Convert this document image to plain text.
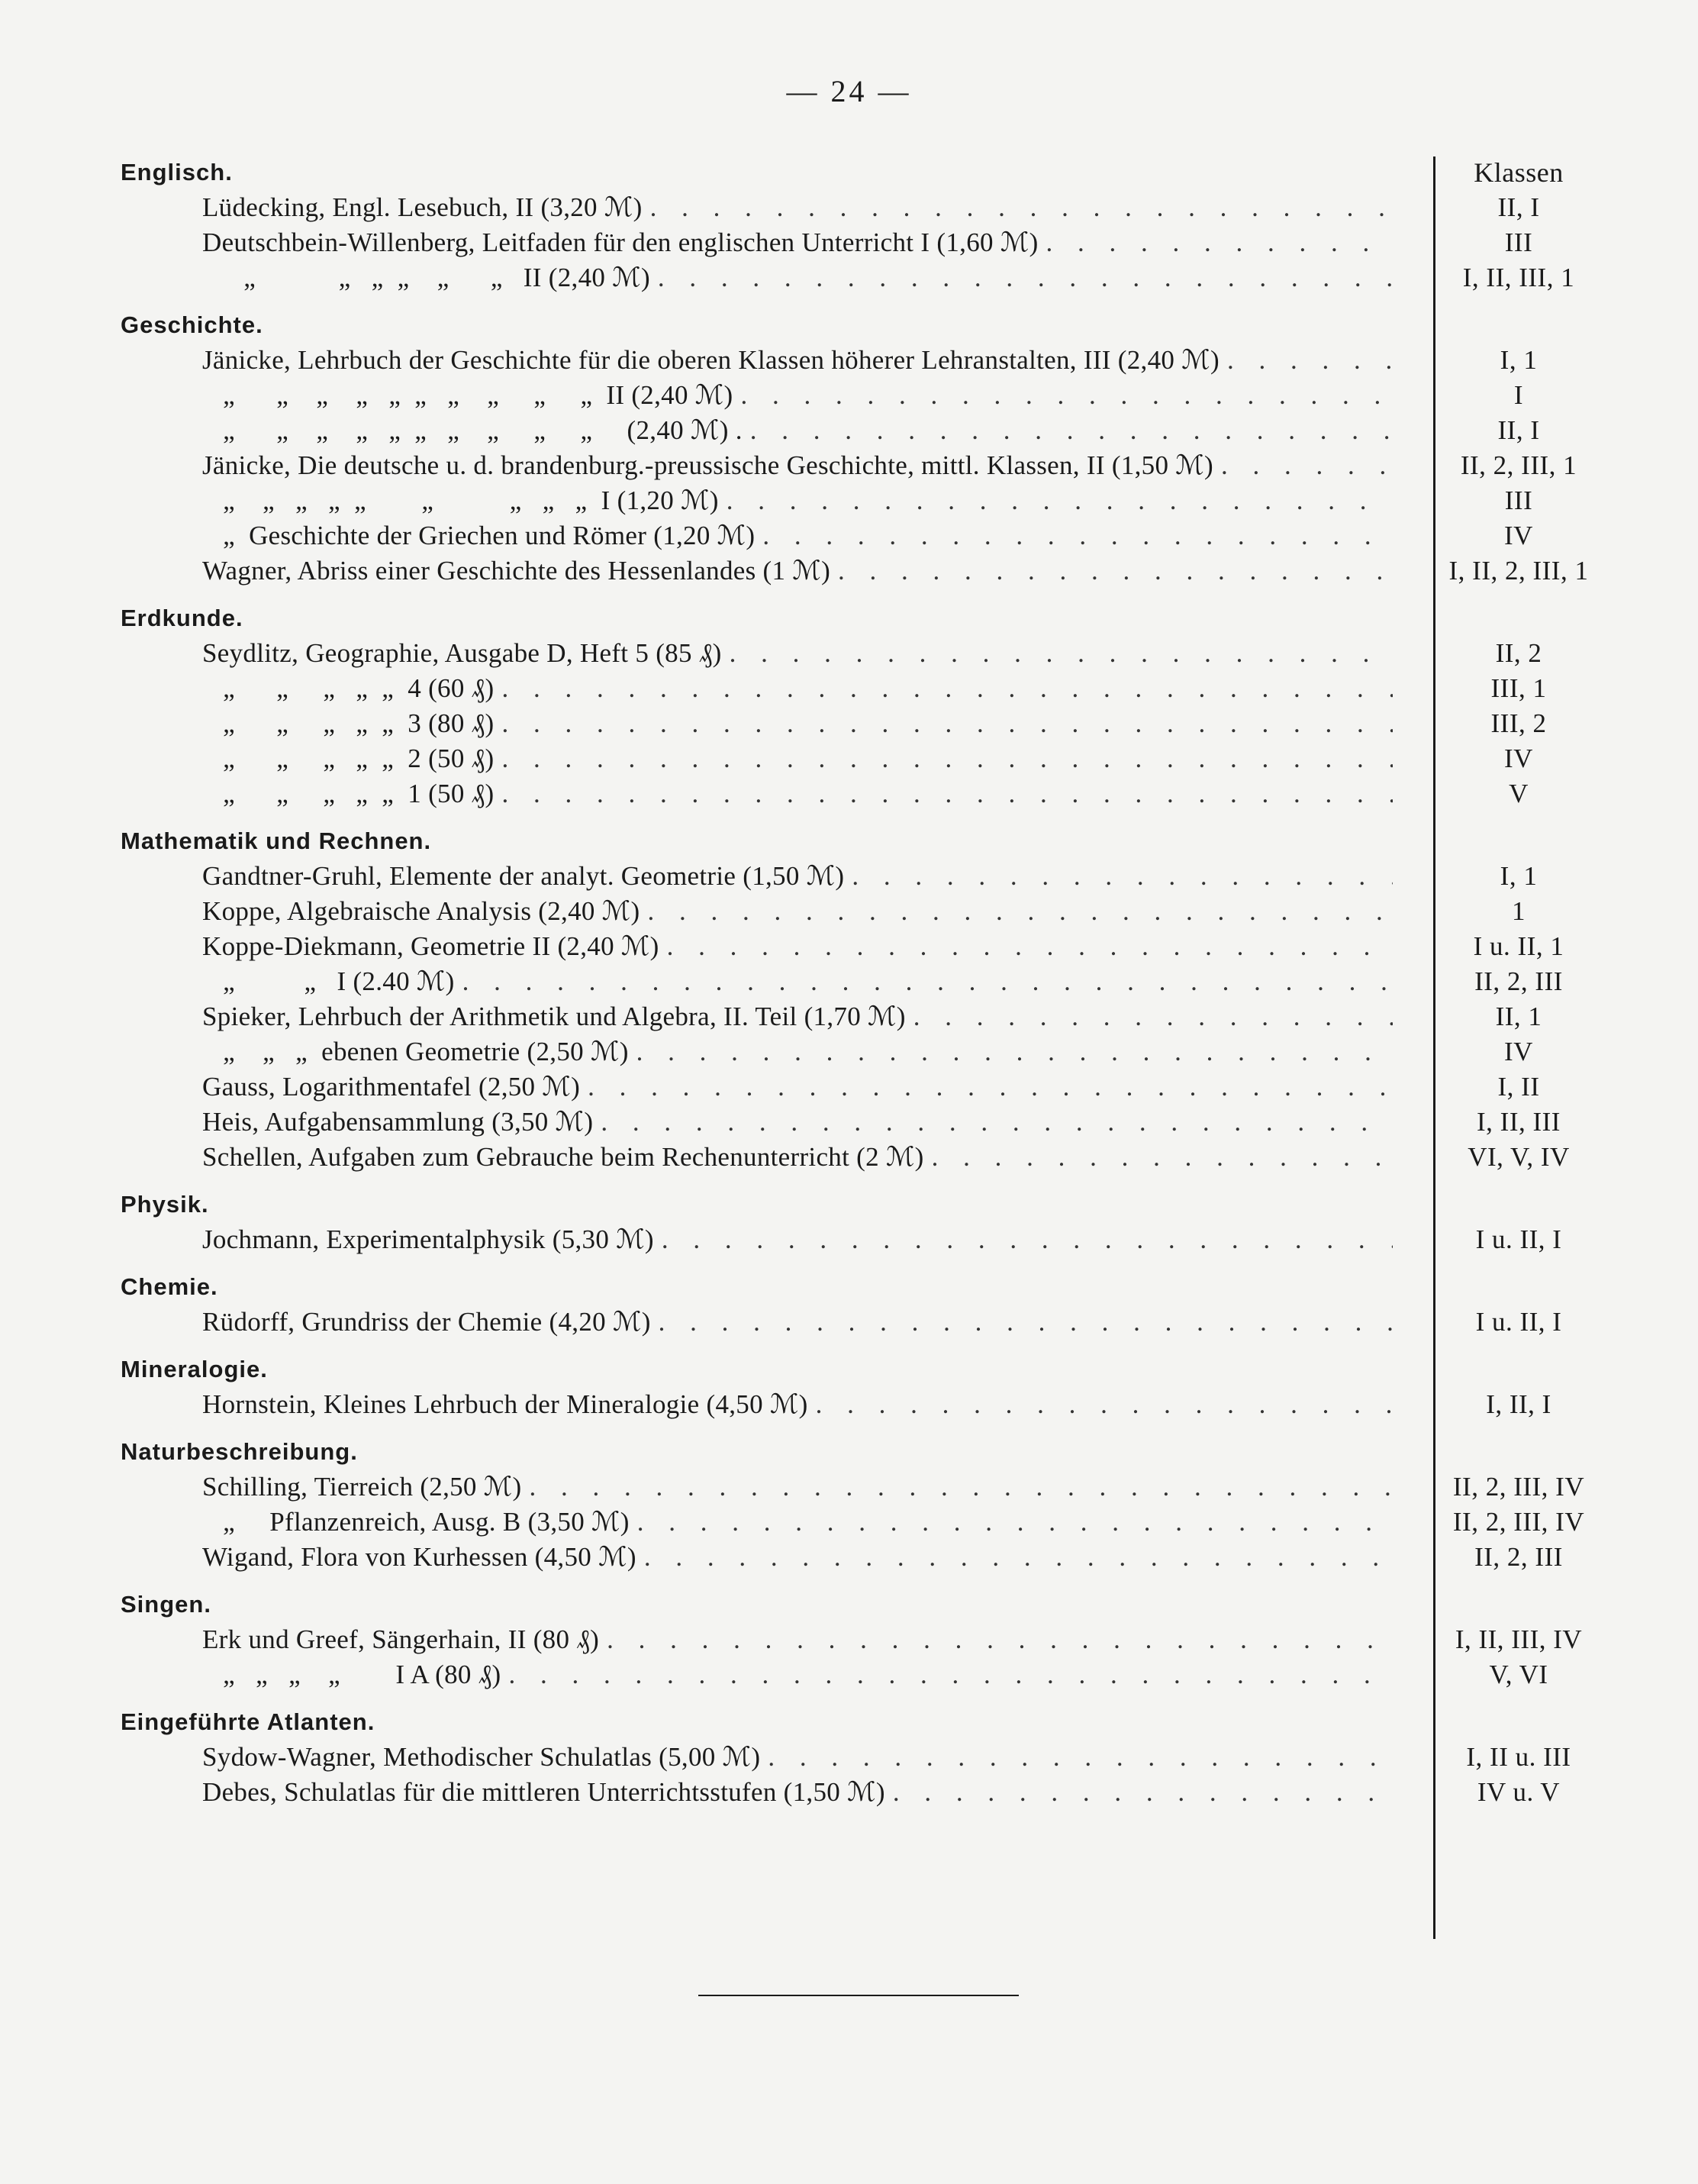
— 24 —
Englisch.	Klassen
Lüdecking, Engl. Lesebuch, II (3,20 ℳ) . . .	II, I
Deutschbein-Willenberg, Leitfaden für den englischen Unterricht I (1,60 ℳ) . . .	III
„            „   „  „    „      „   II (2,40 ℳ) . . .	I, II, III, 1
Geschichte.
Jänicke, Lehrbuch der Geschichte für die oberen Klassen höherer Lehranstalten, III (2,40 ℳ) . . .	I, 1
„      „    „    „   „  „   „    „     „     „  II (2,40 ℳ) . . .	I
„      „    „    „   „  „   „    „     „     „     (2,40 ℳ) . . . .	II, I
Jänicke, Die deutsche u. d. brandenburg.-preussische Geschichte, mittl. Klassen, II (1,50 ℳ) . . .	II, 2, III, 1
„    „   „   „  „        „           „   „   „  I (1,20 ℳ) . . .	III
„  Geschichte der Griechen und Römer (1,20 ℳ) . . .	IV
Wagner, Abriss einer Geschichte des Hessenlandes (1 ℳ) . . .	I, II, 2, III, 1
Erdkunde.
Seydlitz, Geographie, Ausgabe D, Heft 5 (85 ₰) . . .	II, 2
„      „     „   „  „  4 (60 ₰) . . .	III, 1
„      „     „   „  „  3 (80 ₰) . . .	III, 2
„      „     „   „  „  2 (50 ₰) . . .	IV
„      „     „   „  „  1 (50 ₰) . . .	V
Mathematik und Rechnen.
Gandtner-Gruhl, Elemente der analyt. Geometrie (1,50 ℳ) . . .	I, 1
Koppe, Algebraische Analysis (2,40 ℳ) . . .	1
Koppe-Diekmann, Geometrie II (2,40 ℳ) . . .	I u. II, 1
„          „   I (2.40 ℳ) . . .	II, 2, III
Spieker, Lehrbuch der Arithmetik und Algebra, II. Teil (1,70 ℳ) . . .	II, 1
„    „   „  ebenen Geometrie (2,50 ℳ) . . .	IV
Gauss, Logarithmentafel (2,50 ℳ) . . .	I, II
Heis, Aufgabensammlung (3,50 ℳ) . . .	I, II, III
Schellen, Aufgaben zum Gebrauche beim Rechenunterricht (2 ℳ) . . .	VI, V, IV
Physik.
Jochmann, Experimentalphysik (5,30 ℳ) . . .	I u. II, I
Chemie.
Rüdorff, Grundriss der Chemie (4,20 ℳ) . . .	I u. II, I
Mineralogie.
Hornstein, Kleines Lehrbuch der Mineralogie (4,50 ℳ) . . .	I, II, I
Naturbeschreibung.
Schilling, Tierreich (2,50 ℳ) . . .	II, 2, III, IV
„     Pflanzenreich, Ausg. B (3,50 ℳ) . . .	II, 2, III, IV
Wigand, Flora von Kurhessen (4,50 ℳ) . . .	II, 2, III
Singen.
Erk und Greef, Sängerhain, II (80 ₰) . . .	I, II, III, IV
„   „   „    „        I A (80 ₰) . . .	V, VI
Eingeführte Atlanten.
Sydow-Wagner, Methodischer Schulatlas (5,00 ℳ) . . .	I, II u. III
Debes, Schulatlas für die mittleren Unterrichtsstufen (1,50 ℳ) . . .	IV u. V
